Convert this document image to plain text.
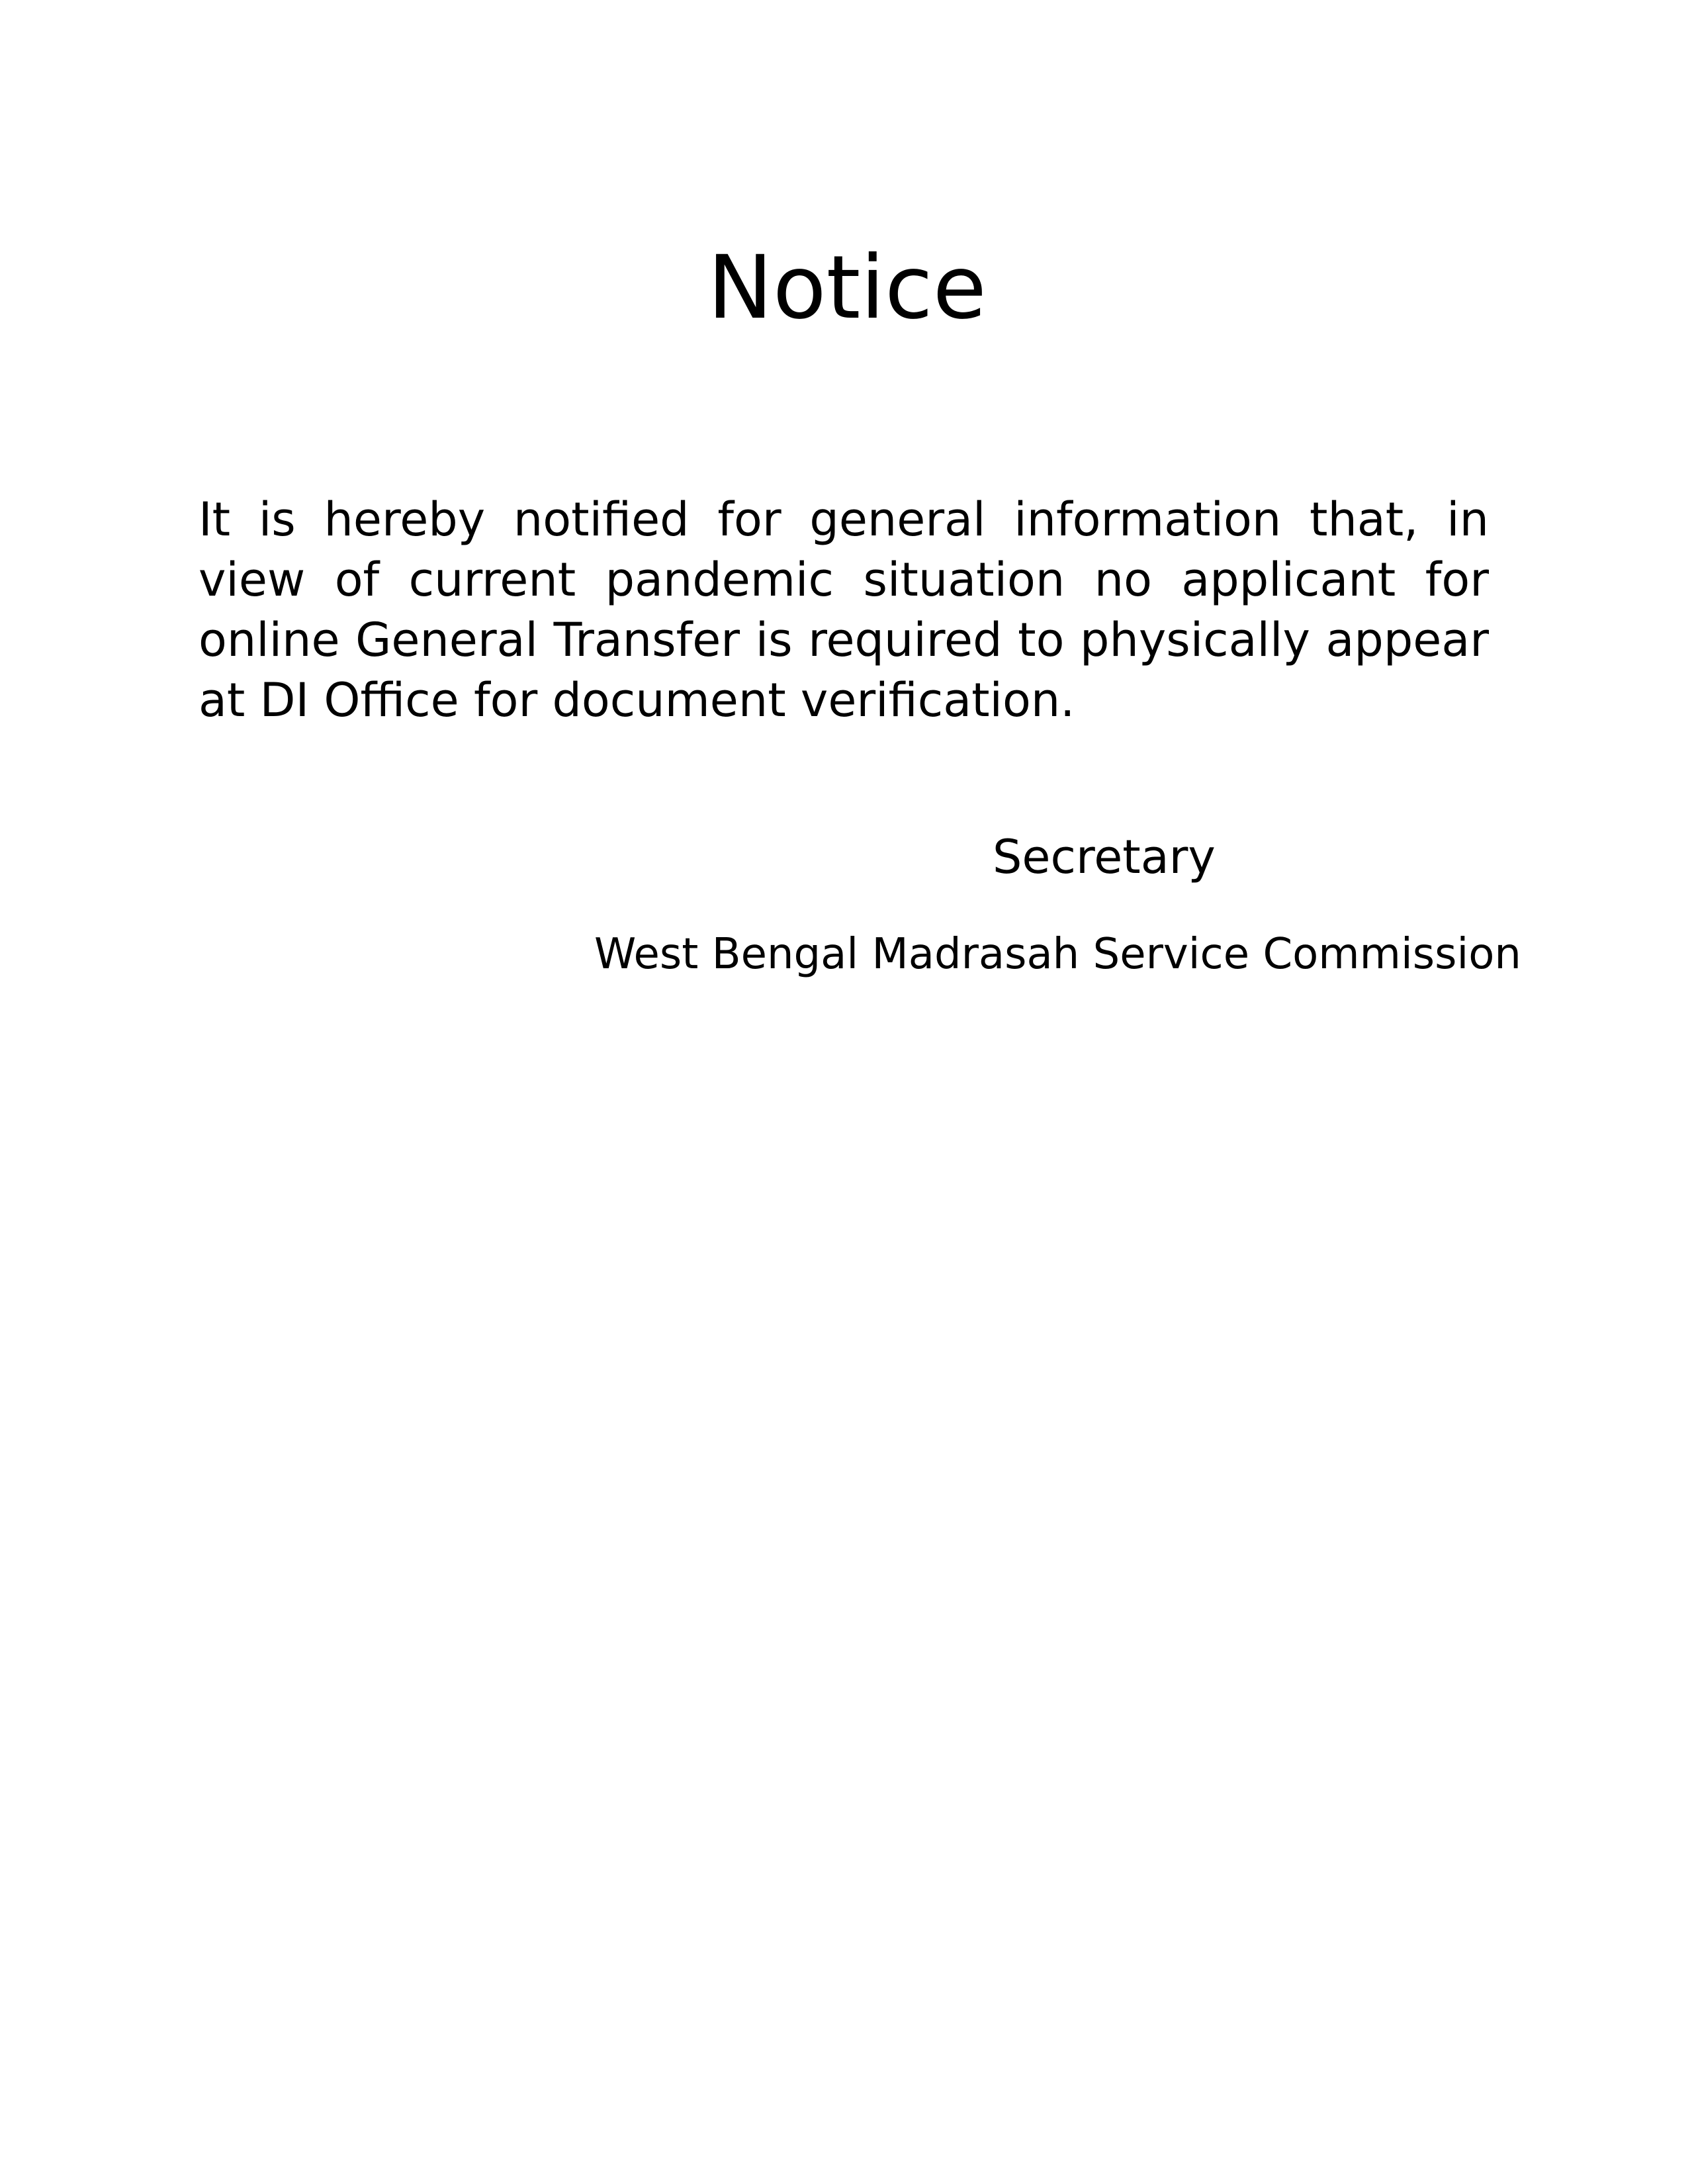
Notice

It is hereby notified for general information that, in view of current pandemic situation no applicant for online General Transfer is required to physically appear at DI Office for document verification.

Secretary
West Bengal Madrasah Service Commission
